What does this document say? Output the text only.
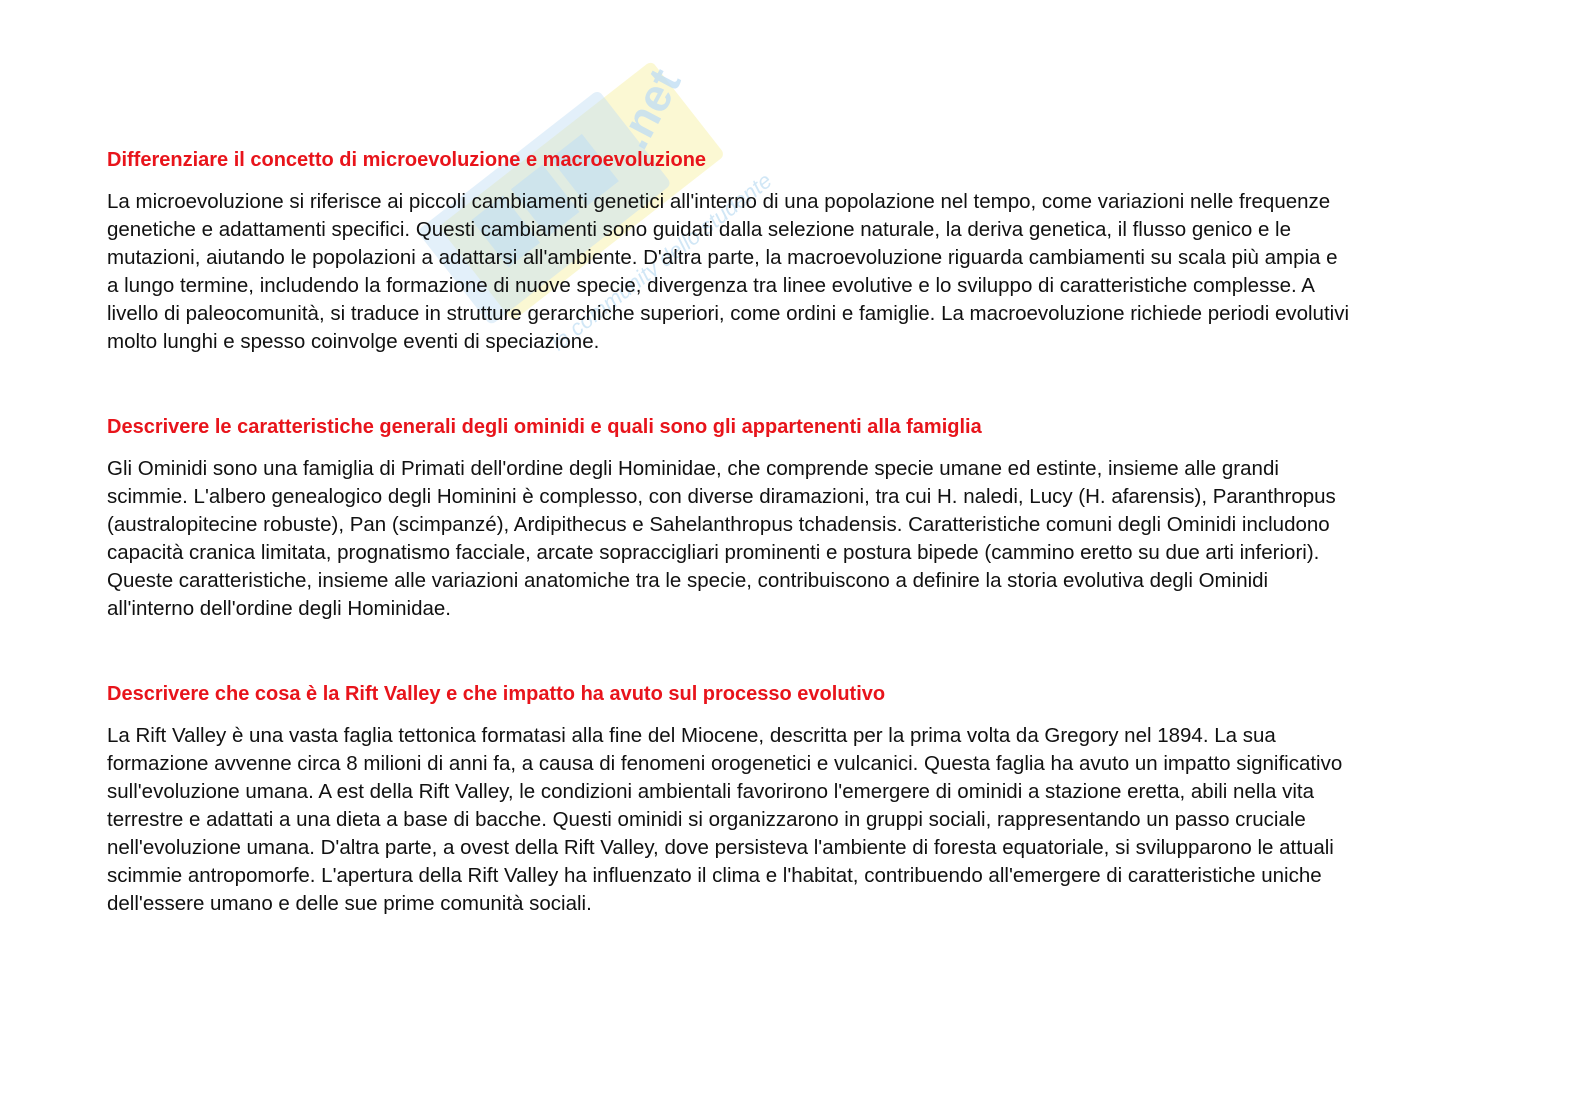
.net
la community dello studente
Differenziare il concetto di microevoluzione e macroevoluzione

La microevoluzione si riferisce ai piccoli cambiamenti genetici all'interno di una popolazione nel tempo, come variazioni nelle frequenze
genetiche e adattamenti specifici. Questi cambiamenti sono guidati dalla selezione naturale, la deriva genetica, il flusso genico e le
mutazioni, aiutando le popolazioni a adattarsi all'ambiente. D'altra parte, la macroevoluzione riguarda cambiamenti su scala più ampia e
a lungo termine, includendo la formazione di nuove specie, divergenza tra linee evolutive e lo sviluppo di caratteristiche complesse. A
livello di paleocomunità, si traduce in strutture gerarchiche superiori, come ordini e famiglie. La macroevoluzione richiede periodi evolutivi
molto lunghi e spesso coinvolge eventi di speciazione.

Descrivere le caratteristiche generali degli ominidi e quali sono gli appartenenti alla famiglia

Gli Ominidi sono una famiglia di Primati dell'ordine degli Hominidae, che comprende specie umane ed estinte, insieme alle grandi
scimmie. L'albero genealogico degli Hominini è complesso, con diverse diramazioni, tra cui H. naledi, Lucy (H. afarensis), Paranthropus
(australopitecine robuste), Pan (scimpanzé), Ardipithecus e Sahelanthropus tchadensis. Caratteristiche comuni degli Ominidi includono
capacità cranica limitata, prognatismo facciale, arcate sopraccigliari prominenti e postura bipede (cammino eretto su due arti inferiori).
Queste caratteristiche, insieme alle variazioni anatomiche tra le specie, contribuiscono a definire la storia evolutiva degli Ominidi
all'interno dell'ordine degli Hominidae.

Descrivere che cosa è la Rift Valley e che impatto ha avuto sul processo evolutivo

La Rift Valley è una vasta faglia tettonica formatasi alla fine del Miocene, descritta per la prima volta da Gregory nel 1894. La sua
formazione avvenne circa 8 milioni di anni fa, a causa di fenomeni orogenetici e vulcanici. Questa faglia ha avuto un impatto significativo
sull'evoluzione umana. A est della Rift Valley, le condizioni ambientali favorirono l'emergere di ominidi a stazione eretta, abili nella vita
terrestre e adattati a una dieta a base di bacche. Questi ominidi si organizzarono in gruppi sociali, rappresentando un passo cruciale
nell'evoluzione umana. D'altra parte, a ovest della Rift Valley, dove persisteva l'ambiente di foresta equatoriale, si svilupparono le attuali
scimmie antropomorfe. L'apertura della Rift Valley ha influenzato il clima e l'habitat, contribuendo all'emergere di caratteristiche uniche
dell'essere umano e delle sue prime comunità sociali.
